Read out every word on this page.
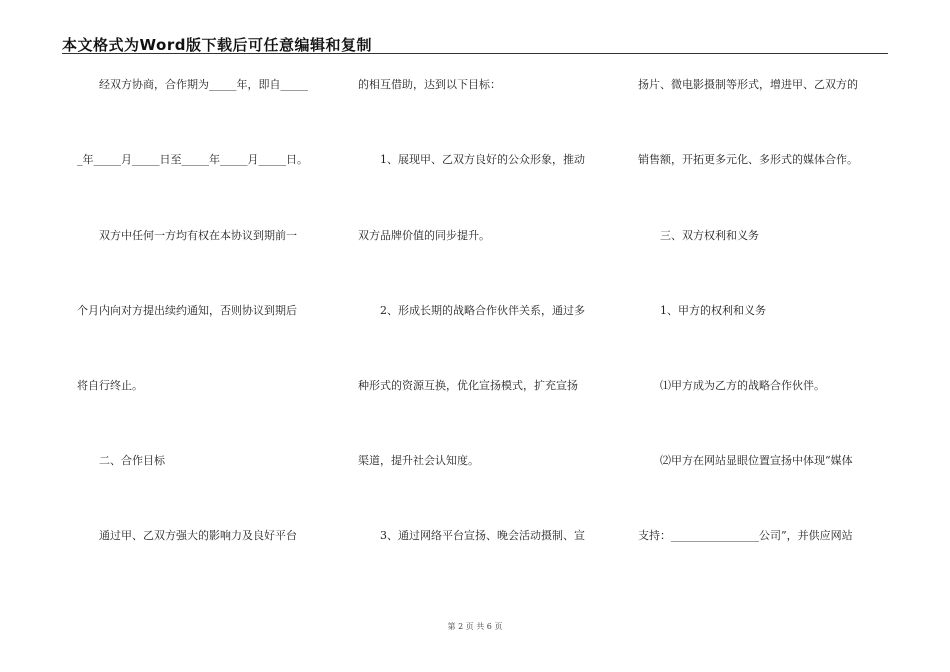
本文格式为Word版下载后可任意编辑和复制
经双方协商，合作期为_____年，即自_____
_年_____月_____日至_____年_____月_____日。
双方中任何一方均有权在本协议到期前一
个月内向对方提出续约通知，否则协议到期后
将自行终止。
二、合作目标
通过甲、乙双方强大的影响力及良好平台
的相互借助，达到以下目标：
1、展现甲、乙双方良好的公众形象，推动
双方品牌价值的同步提升。
2、形成长期的战略合作伙伴关系，通过多
种形式的资源互换，优化宣扬模式，扩充宣扬
渠道，提升社会认知度。
3、通过网络平台宣扬、晚会活动摄制、宣
扬片、微电影摄制等形式，增进甲、乙双方的
销售额，开拓更多元化、多形式的媒体合作。
三、双方权利和义务
1、甲方的权利和义务
⑴甲方成为乙方的战略合作伙伴。
⑵甲方在网站显眼位置宣扬中体现“媒体
支持：________________公司”，并供应网站
第 2 页 共 6 页
